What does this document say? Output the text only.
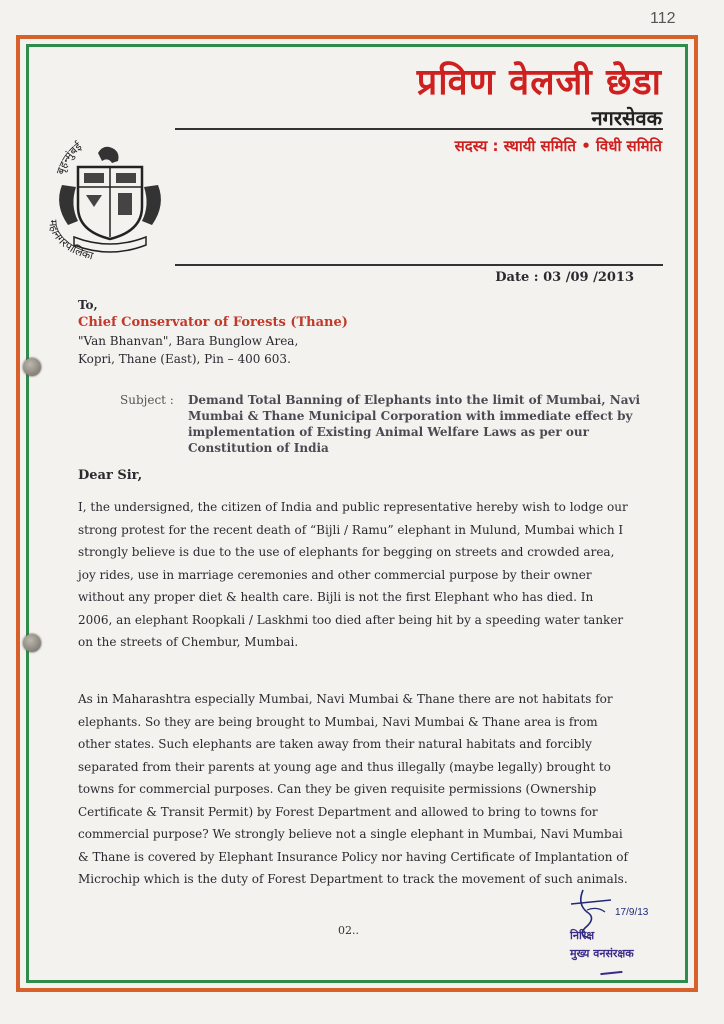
112
बृहन्मुंबई
महानगरपालिका
प्रविण वेलजी छेडा
नगरसेवक
सदस्य : स्थायी समिति • विधी समिति
Date : 03 /09 /2013
To,
Chief Conservator of Forests (Thane)
"Van Bhanvan", Bara Bunglow Area,
Kopri, Thane (East), Pin – 400 603.
Subject :	Demand Total Banning of Elephants into the limit of Mumbai, Navi Mumbai & Thane Municipal Corporation with immediate effect by implementation of Existing Animal Welfare Laws as per our Constitution of India
Dear Sir,
I, the undersigned, the citizen of India and public representative hereby wish to lodge our strong protest for the recent death of “Bijli / Ramu” elephant in Mulund, Mumbai which I strongly believe is due to the use of elephants for begging on streets and crowded area, joy rides, use in marriage ceremonies and other commercial purpose by their owner without any proper diet & health care. Bijli is not the first Elephant who has died. In 2006, an elephant Roopkali / Laskhmi too died after being hit by a speeding water tanker on the streets of Chembur, Mumbai.
As in Maharashtra especially Mumbai, Navi Mumbai & Thane there are not habitats for elephants. So they are being brought to Mumbai, Navi Mumbai & Thane area is from other states. Such elephants are taken away from their natural habitats and forcibly separated from their parents at young age and thus illegally (maybe legally) brought to towns for commercial purposes. Can they be given requisite permissions (Ownership Certificate & Transit Permit) by Forest Department and allowed to bring to towns for commercial purpose? We strongly believe not a single elephant in Mumbai, Navi Mumbai & Thane is covered by Elephant Insurance Policy nor having Certificate of Implantation of Microchip which is the duty of Forest Department to track the movement of such animals.
02..
17/9/13
निरिक्ष
मुख्य वनसंरक्षक
